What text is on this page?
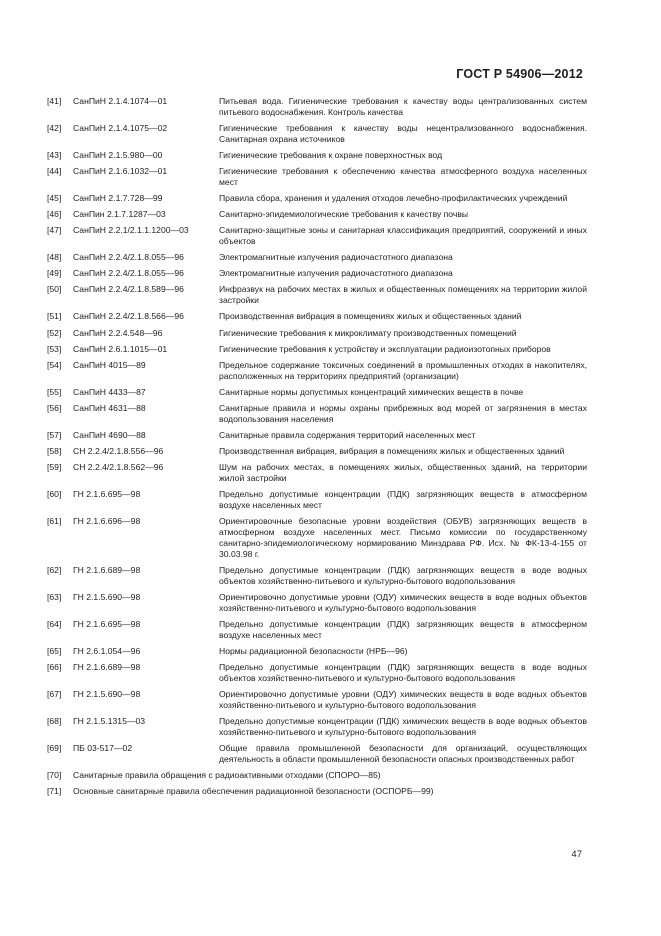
ГОСТ Р 54906—2012
[41]	СанПиН 2.1.4.1074—01	Питьевая вода. Гигиенические требования к качеству воды централизованных систем питьевого водоснабжения. Контроль качества
[42]	СанПиН 2.1.4.1075—02	Гигиенические требования к качеству воды нецентрализованного водоснабжения. Санитарная охрана источников
[43]	СанПиН 2.1.5.980—00	Гигиенические требования к охране поверхностных вод
[44]	СанПиН 2.1.6.1032—01	Гигиенические требования к обеспечению качества атмосферного воздуха населенных мест
[45]	СанПиН 2.1.7.728—99	Правила сбора, хранения и удаления отходов лечебно-профилактических учреждений
[46]	СанПин 2.1.7.1287—03	Санитарно-эпидемиологические требования к качеству почвы
[47]	СанПиН 2.2.1/2.1.1.1200—03	Санитарно-защитные зоны и санитарная классификация предприятий, сооружений и иных объектов
[48]	СанПиН 2.2.4/2.1.8.055—96	Электромагнитные излучения радиочастотного диапазона
[49]	СанПиН 2.2.4/2.1.8.055—96	Электромагнитные излучения радиочастотного диапазона
[50]	СанПиН 2.2.4/2.1.8.589—96	Инфразвук на рабочих местах в жилых и общественных помещениях на территории жилой застройки
[51]	СанПиН 2.2.4/2.1.8.566—96	Производственная вибрация в помещениях жилых и общественных зданий
[52]	СанПиН 2.2.4.548—96	Гигиенические требования к микроклимату производственных помещений
[53]	СанПиН 2.6.1.1015—01	Гигиенические требования к устройству и эксплуатации радиоизотопных приборов
[54]	СанПиН 4015—89	Предельное содержание токсичных соединений в промышленных отходах в накопителях, расположенных на территориях предприятий (организации)
[55]	СанПиН 4433—87	Санитарные нормы допустимых концентраций химических веществ в почве
[56]	СанПиН 4631—88	Санитарные правила и нормы охраны прибрежных вод морей от загрязнения в местах водопользования населения
[57]	СанПиН 4690—88	Санитарные правила содержания территорий населенных мест
[58]	СН 2.2.4/2.1.8.556—96	Производственная вибрация, вибрация в помещениях жилых и общественных зданий
[59]	СН 2.2.4/2.1.8.562—96	Шум на рабочих местах, в помещениях жилых, общественных зданий, на территории жилой застройки
[60]	ГН 2.1.6.695—98	Предельно допустимые концентрации (ПДК) загрязняющих веществ в атмосферном воздухе населенных мест
[61]	ГН 2.1.6.696—98	Ориентировочные безопасные уровни воздействия (ОБУВ) загрязняющих веществ в атмосферном воздухе населенных мест. Письмо комиссии по государственному санитарно-эпидемиологическому нормированию Минздрава РФ. Исх. № ФК-13-4-155 от 30.03.98 г.
[62]	ГН 2.1.6.689—98	Предельно допустимые концентрации (ПДК) загрязняющих веществ в воде водных объектов хозяйственно-питьевого и культурно-бытового водопользования
[63]	ГН 2.1.5.690—98	Ориентировочно допустимые уровни (ОДУ) химических веществ в воде водных объектов хозяйственно-питьевого и культурно-бытового водопользования
[64]	ГН 2.1.6.695—98	Предельно допустимые концентрации (ПДК) загрязняющих веществ в атмосферном воздухе населенных мест
[65]	ГН 2.6.1.054—96	Нормы радиационной безопасности (НРБ—96)
[66]	ГН 2.1.6.689—98	Предельно допустимые концентрации (ПДК) загрязняющих веществ в воде водных объектов хозяйственно-питьевого и культурно-бытового водопользования
[67]	ГН 2.1.5.690—98	Ориентировочно допустимые уровни (ОДУ) химических веществ в воде водных объектов хозяйственно-питьевого и культурно-бытового водопользования
[68]	ГН 2.1.5.1315—03	Предельно допустимые концентрации (ПДК) химических веществ в воде водных объектов хозяйственно-питьевого и культурно-бытового водопользования
[69]	ПБ 03-517—02	Общие правила промышленной безопасности для организаций, осуществляющих деятельность в области промышленной безопасности опасных производственных работ
[70]	Санитарные правила обращения с радиоактивными отходами (СПОРО—85)
[71]	Основные санитарные правила обеспечения радиационной безопасности (ОСПОРБ—99)
47
